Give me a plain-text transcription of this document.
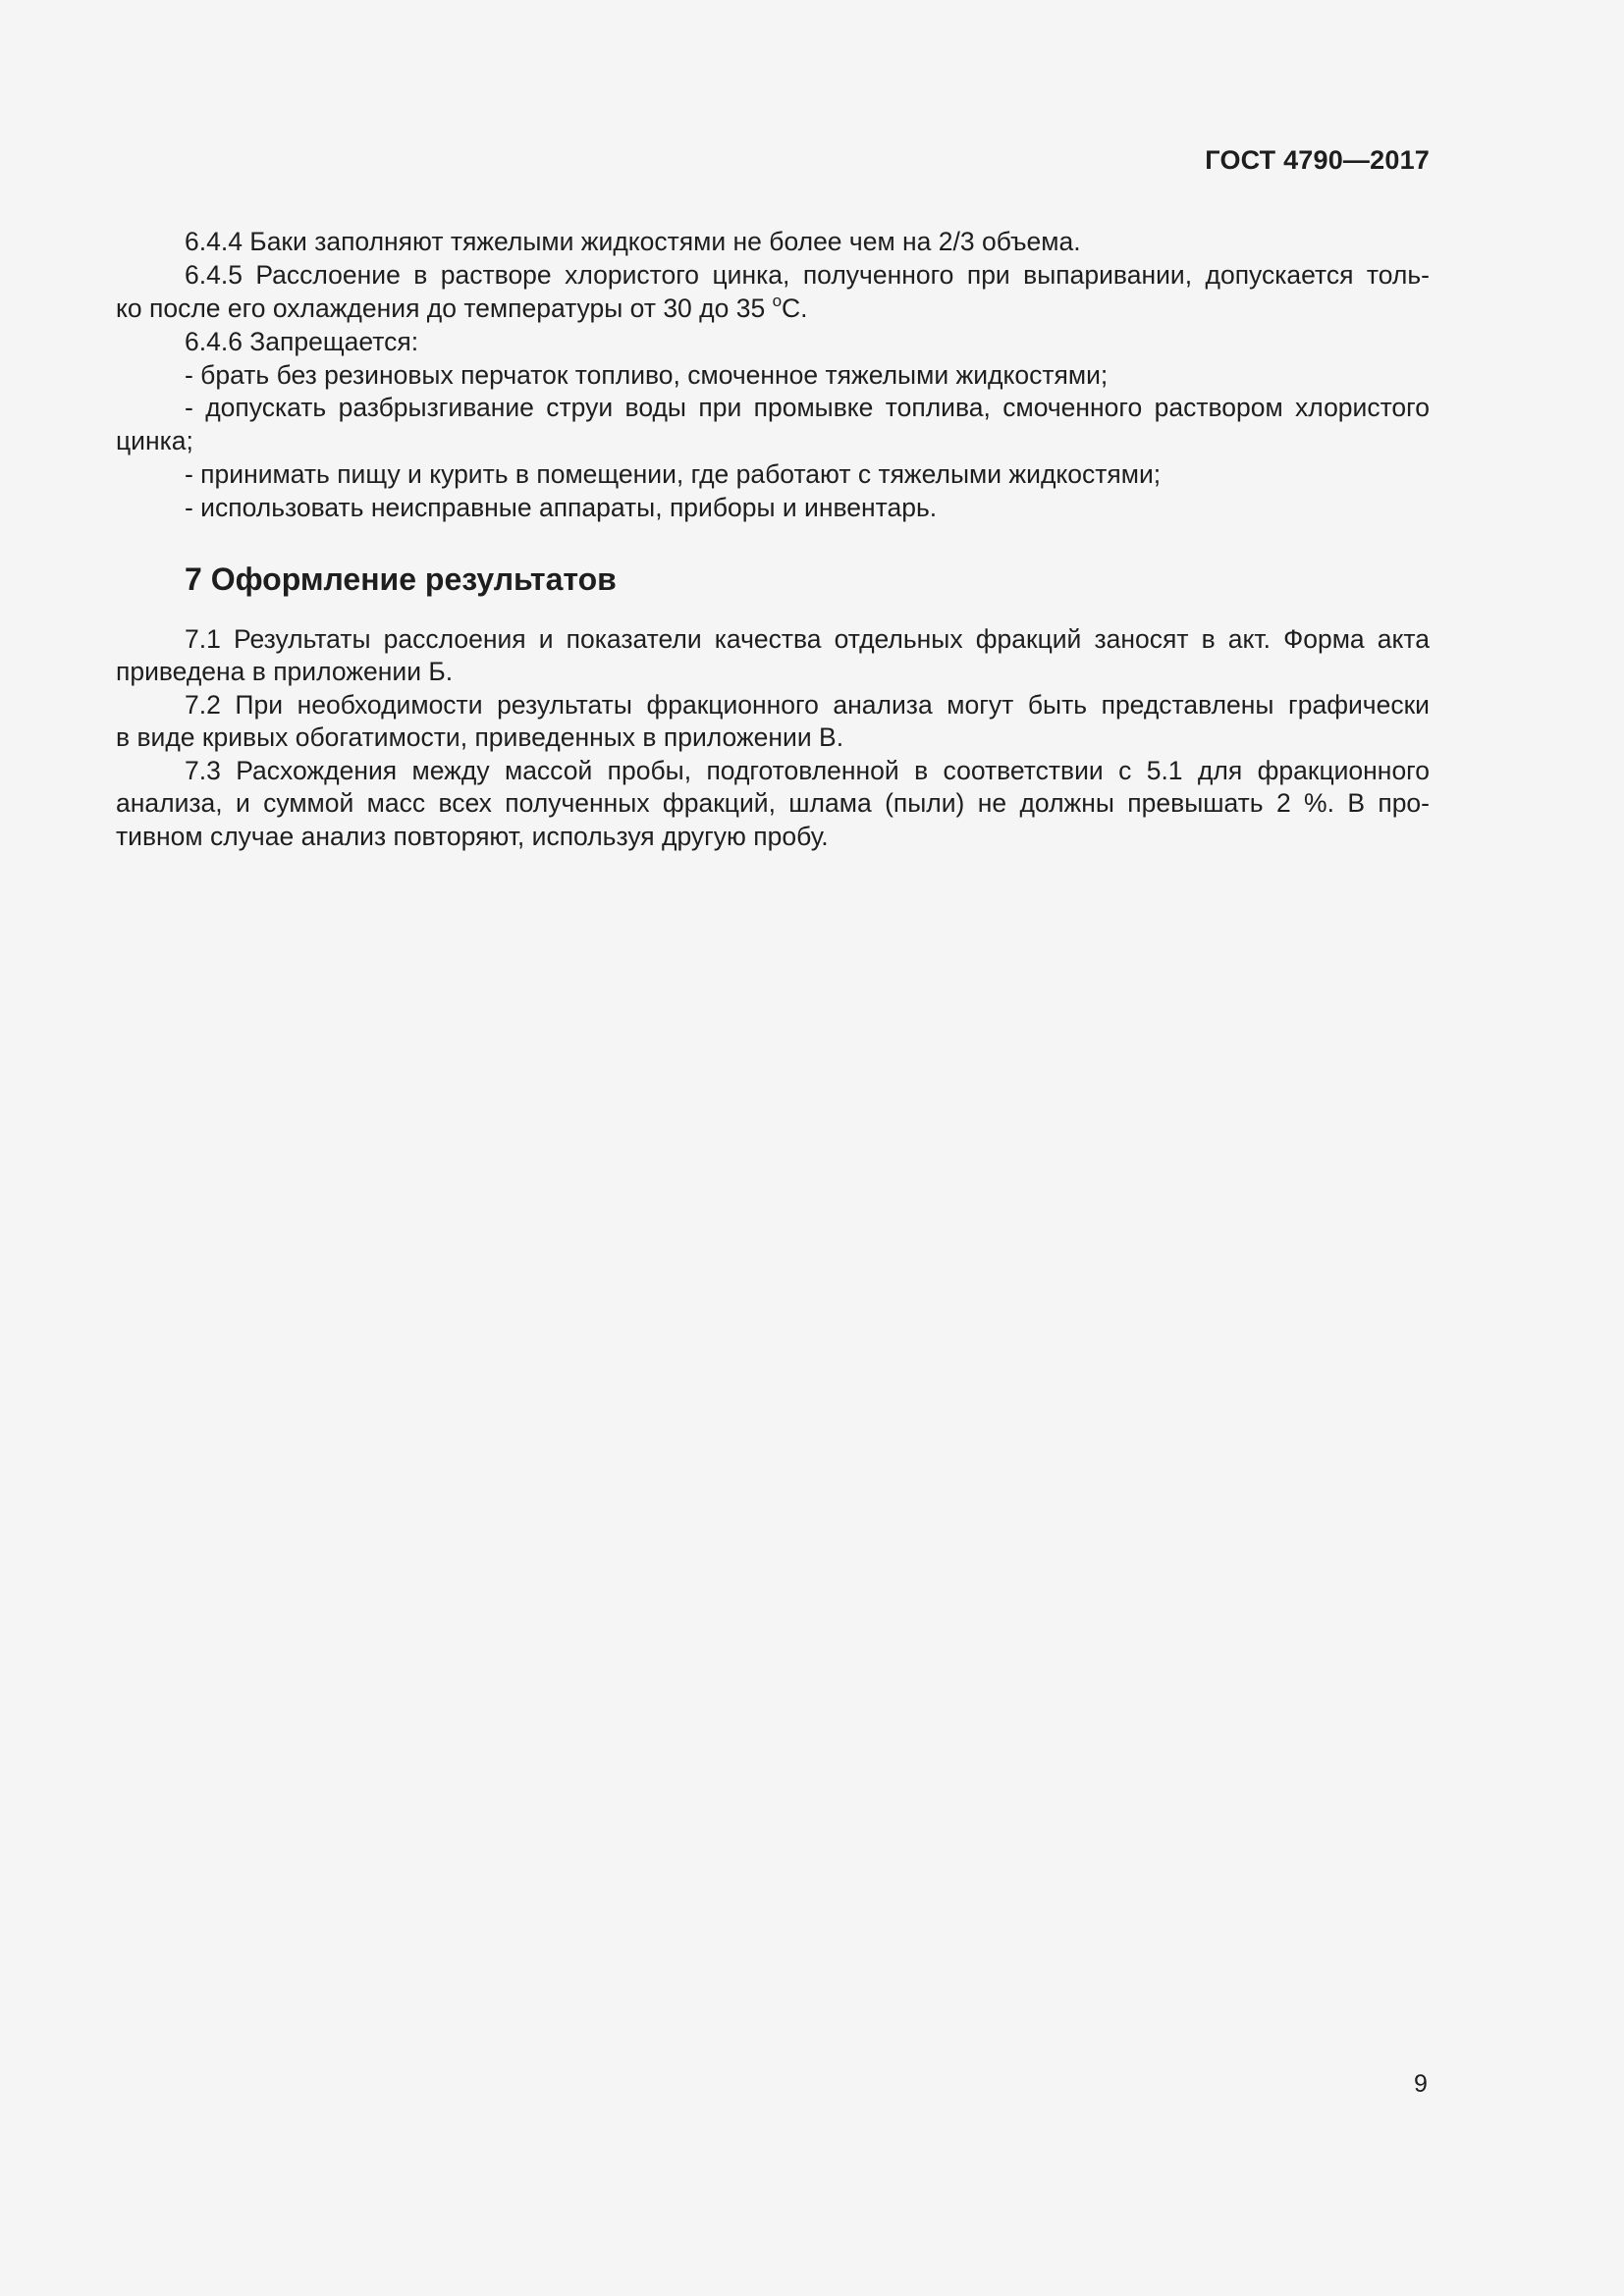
ГОСТ 4790—2017
6.4.4 Баки заполняют тяжелыми жидкостями не более чем на 2/3 объема.
6.4.5 Расслоение в растворе хлористого цинка, полученного при выпаривании, допускается толь-
ко после его охлаждения до температуры от 30 до 35 $^о$С.
6.4.6 Запрещается:
- брать без резиновых перчаток топливо, смоченное тяжелыми жидкостями;
- допускать разбрызгивание струи воды при промывке топлива, смоченного раствором хлористого
цинка;
- принимать пищу и курить в помещении, где работают с тяжелыми жидкостями;
- использовать неисправные аппараты, приборы и инвентарь.
7 Оформление результатов
7.1 Результаты расслоения и показатели качества отдельных фракций заносят в акт. Форма акта
приведена в приложении Б.
7.2 При необходимости результаты фракционного анализа могут быть представлены графически
в виде кривых обогатимости, приведенных в приложении В.
7.3 Расхождения между массой пробы, подготовленной в соответствии с 5.1 для фракционного
анализа, и суммой масс всех полученных фракций, шлама (пыли) не должны превышать 2 %. В про-
тивном случае анализ повторяют, используя другую пробу.
9
